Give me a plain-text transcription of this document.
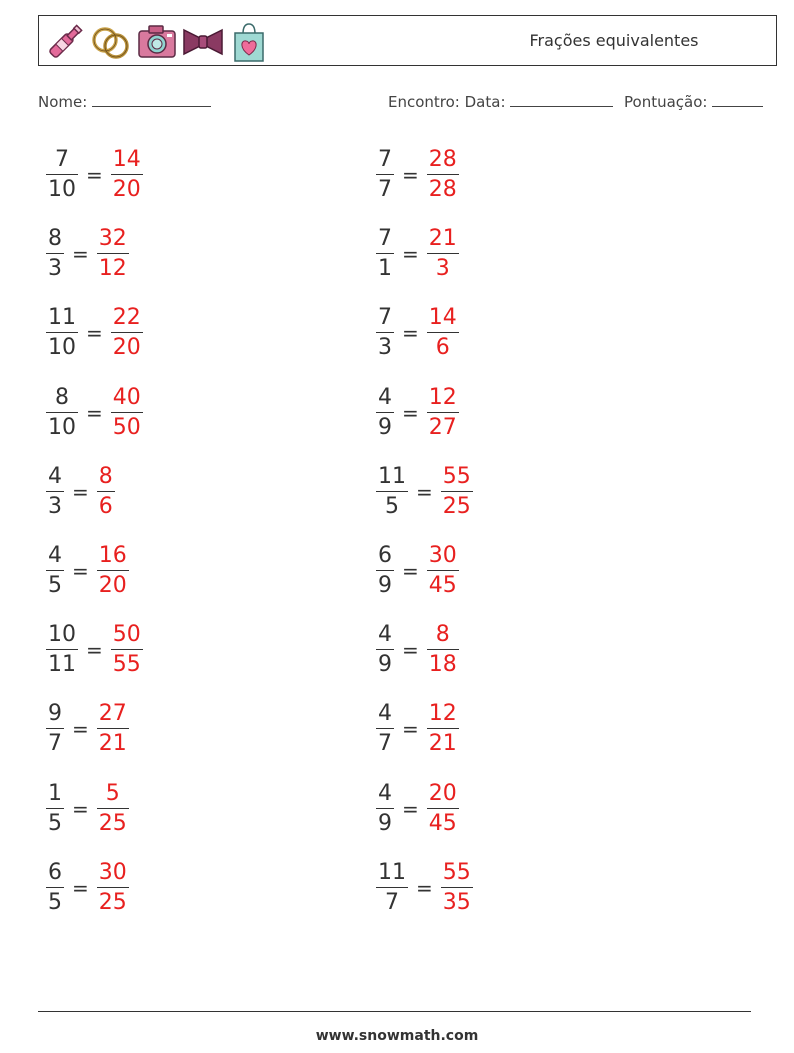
Frações equivalentes
Nome:	Encontro: Data:	Pontuação:
$\frac{7}{10} = \frac{14}{20}$
$\frac{8}{3} = \frac{32}{12}$
$\frac{11}{10} = \frac{22}{20}$
$\frac{8}{10} = \frac{40}{50}$
$\frac{4}{3} = \frac{8}{6}$
$\frac{4}{5} = \frac{16}{20}$
$\frac{10}{11} = \frac{50}{55}$
$\frac{9}{7} = \frac{27}{21}$
$\frac{1}{5} = \frac{5}{25}$
$\frac{6}{5} = \frac{30}{25}$
$\frac{7}{7} = \frac{28}{28}$
$\frac{7}{1} = \frac{21}{3}$
$\frac{7}{3} = \frac{14}{6}$
$\frac{4}{9} = \frac{12}{27}$
$\frac{11}{5} = \frac{55}{25}$
$\frac{6}{9} = \frac{30}{45}$
$\frac{4}{9} = \frac{8}{18}$
$\frac{4}{7} = \frac{12}{21}$
$\frac{4}{9} = \frac{20}{45}$
$\frac{11}{7} = \frac{55}{35}$
www.snowmath.com
